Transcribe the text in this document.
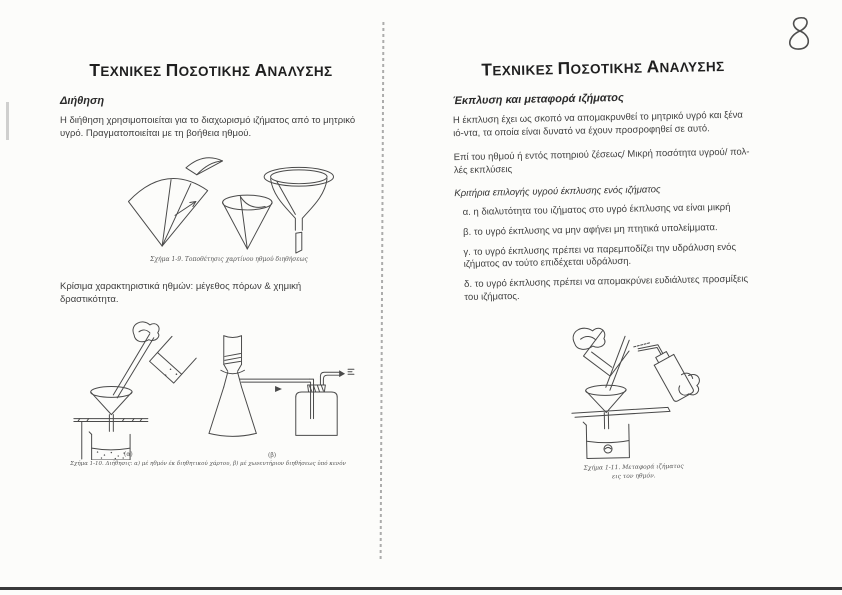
ΤΕΧΝΙΚΕΣ ΠΟΣΟΤΙΚΗΣ ΑΝΑΛΥΣΗΣ
Διήθηση

Η διήθηση χρησιμοποιείται για το διαχωρισμό ιζήματος από το μητρικό υγρό. Πραγματοποιείται με τη βοήθεια ηθμού.

Σχήμα 1-9. Τοποθέτησις χαρτίνου ηθμού διηθήσεως

Κρίσιμα χαρακτηριστικά ηθμών: μέγεθος πόρων & χημική δραστικότητα.

(α)	(β)
Σχήμα 1-10. Διήθησις: α) μέ ηθμόν έκ διηθητικού χάρτου, β) μέ χωνευτήριον διηθήσεως ὑπό κενόν
ΤΕΧΝΙΚΕΣ ΠΟΣΟΤΙΚΗΣ ΑΝΑΛΥΣΗΣ
Έκπλυση και μεταφορά ιζήματος

Η έκπλυση έχει ως σκοπό να απομακρυνθεί το μητρικό υγρό και ξένα ιό-ντα, τα οποία είναι δυνατό να έχουν προσροφηθεί σε αυτό.

Επί του ηθμού ή εντός ποτηριού ζέσεως/ Μικρή ποσότητα υγρού/ πολ-λές εκπλύσεις

Κριτήρια επιλογής υγρού έκπλυσης ενός ιζήματος

α. η διαλυτότητα του ιζήματος στο υγρό έκπλυσης να είναι μικρή

β. το υγρό έκπλυσης να μην αφήνει μη πτητικά υπολείμματα.

γ. το υγρό έκπλυσης πρέπει να παρεμποδίζει την υδράλυση ενός ιζήματος αν τούτο επιδέχεται υδράλυση.

δ. το υγρό έκπλυσης πρέπει να απομακρύνει ευδιάλυτες προσμίξεις του ιζήματος.

Σχήμα 1-11. Μεταφορά ιζήματος
εις τον ηθμόν.
